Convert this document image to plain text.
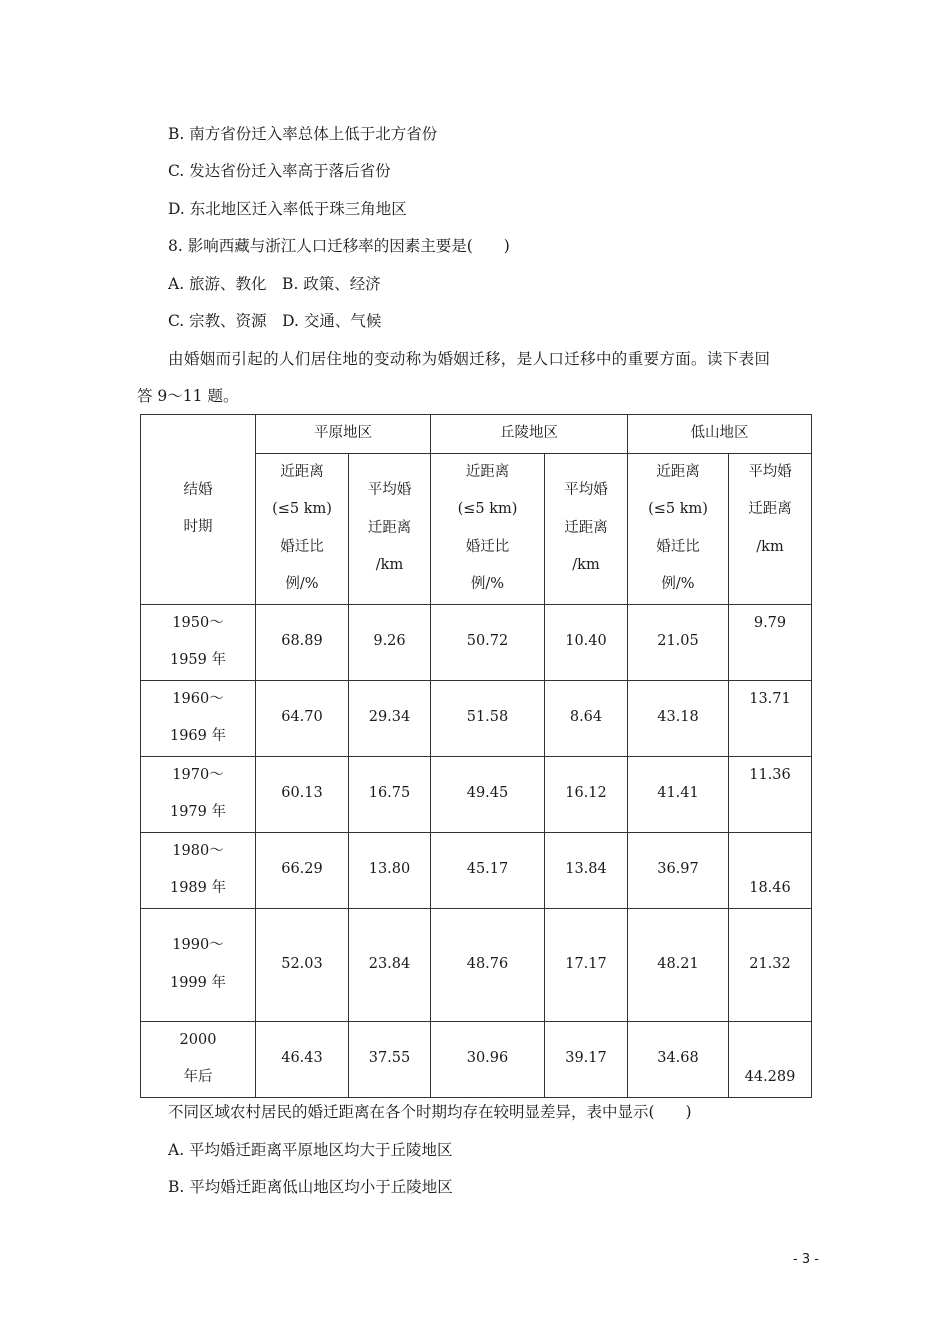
B. 南方省份迁入率总体上低于北方省份
C. 发达省份迁入率高于落后省份
D. 东北地区迁入率低于珠三角地区
8. 影响西藏与浙江人口迁移率的因素主要是(　　)
A. 旅游、教化　B. 政策、经济
C. 宗教、资源　D. 交通、气候
由婚姻而引起的人们居住地的变动称为婚姻迁移，是人口迁移中的重要方面。读下表回
答 9～11 题。
结婚
时期	平原地区		丘陵地区		低山地区	

	近距离
(≤5 km)
婚迁比
例/%	平均婚
迁距离
/km	近距离
(≤5 km)
婚迁比
例/%	平均婚
迁距离
/km	近距离
(≤5 km)
婚迁比
例/%	平均婚
迁距离
/km

1950～
1959 年	68.89	9.26	50.72	10.40	21.05	9.79

1960～
1969 年	64.70	29.34	51.58	8.64	43.18	13.71

1970～
1979 年	60.13	16.75	49.45	16.12	41.41	11.36

1980～
1989 年	66.29	13.80	45.17	13.84	36.97	18.46

1990～
1999 年	52.03	23.84	48.76	17.17	48.21	21.32

2000
年后	46.43	37.55	30.96	39.17	34.68	44.289
不同区域农村居民的婚迁距离在各个时期均存在较明显差异，表中显示(　　)
A. 平均婚迁距离平原地区均大于丘陵地区
B. 平均婚迁距离低山地区均小于丘陵地区
- 3 -
